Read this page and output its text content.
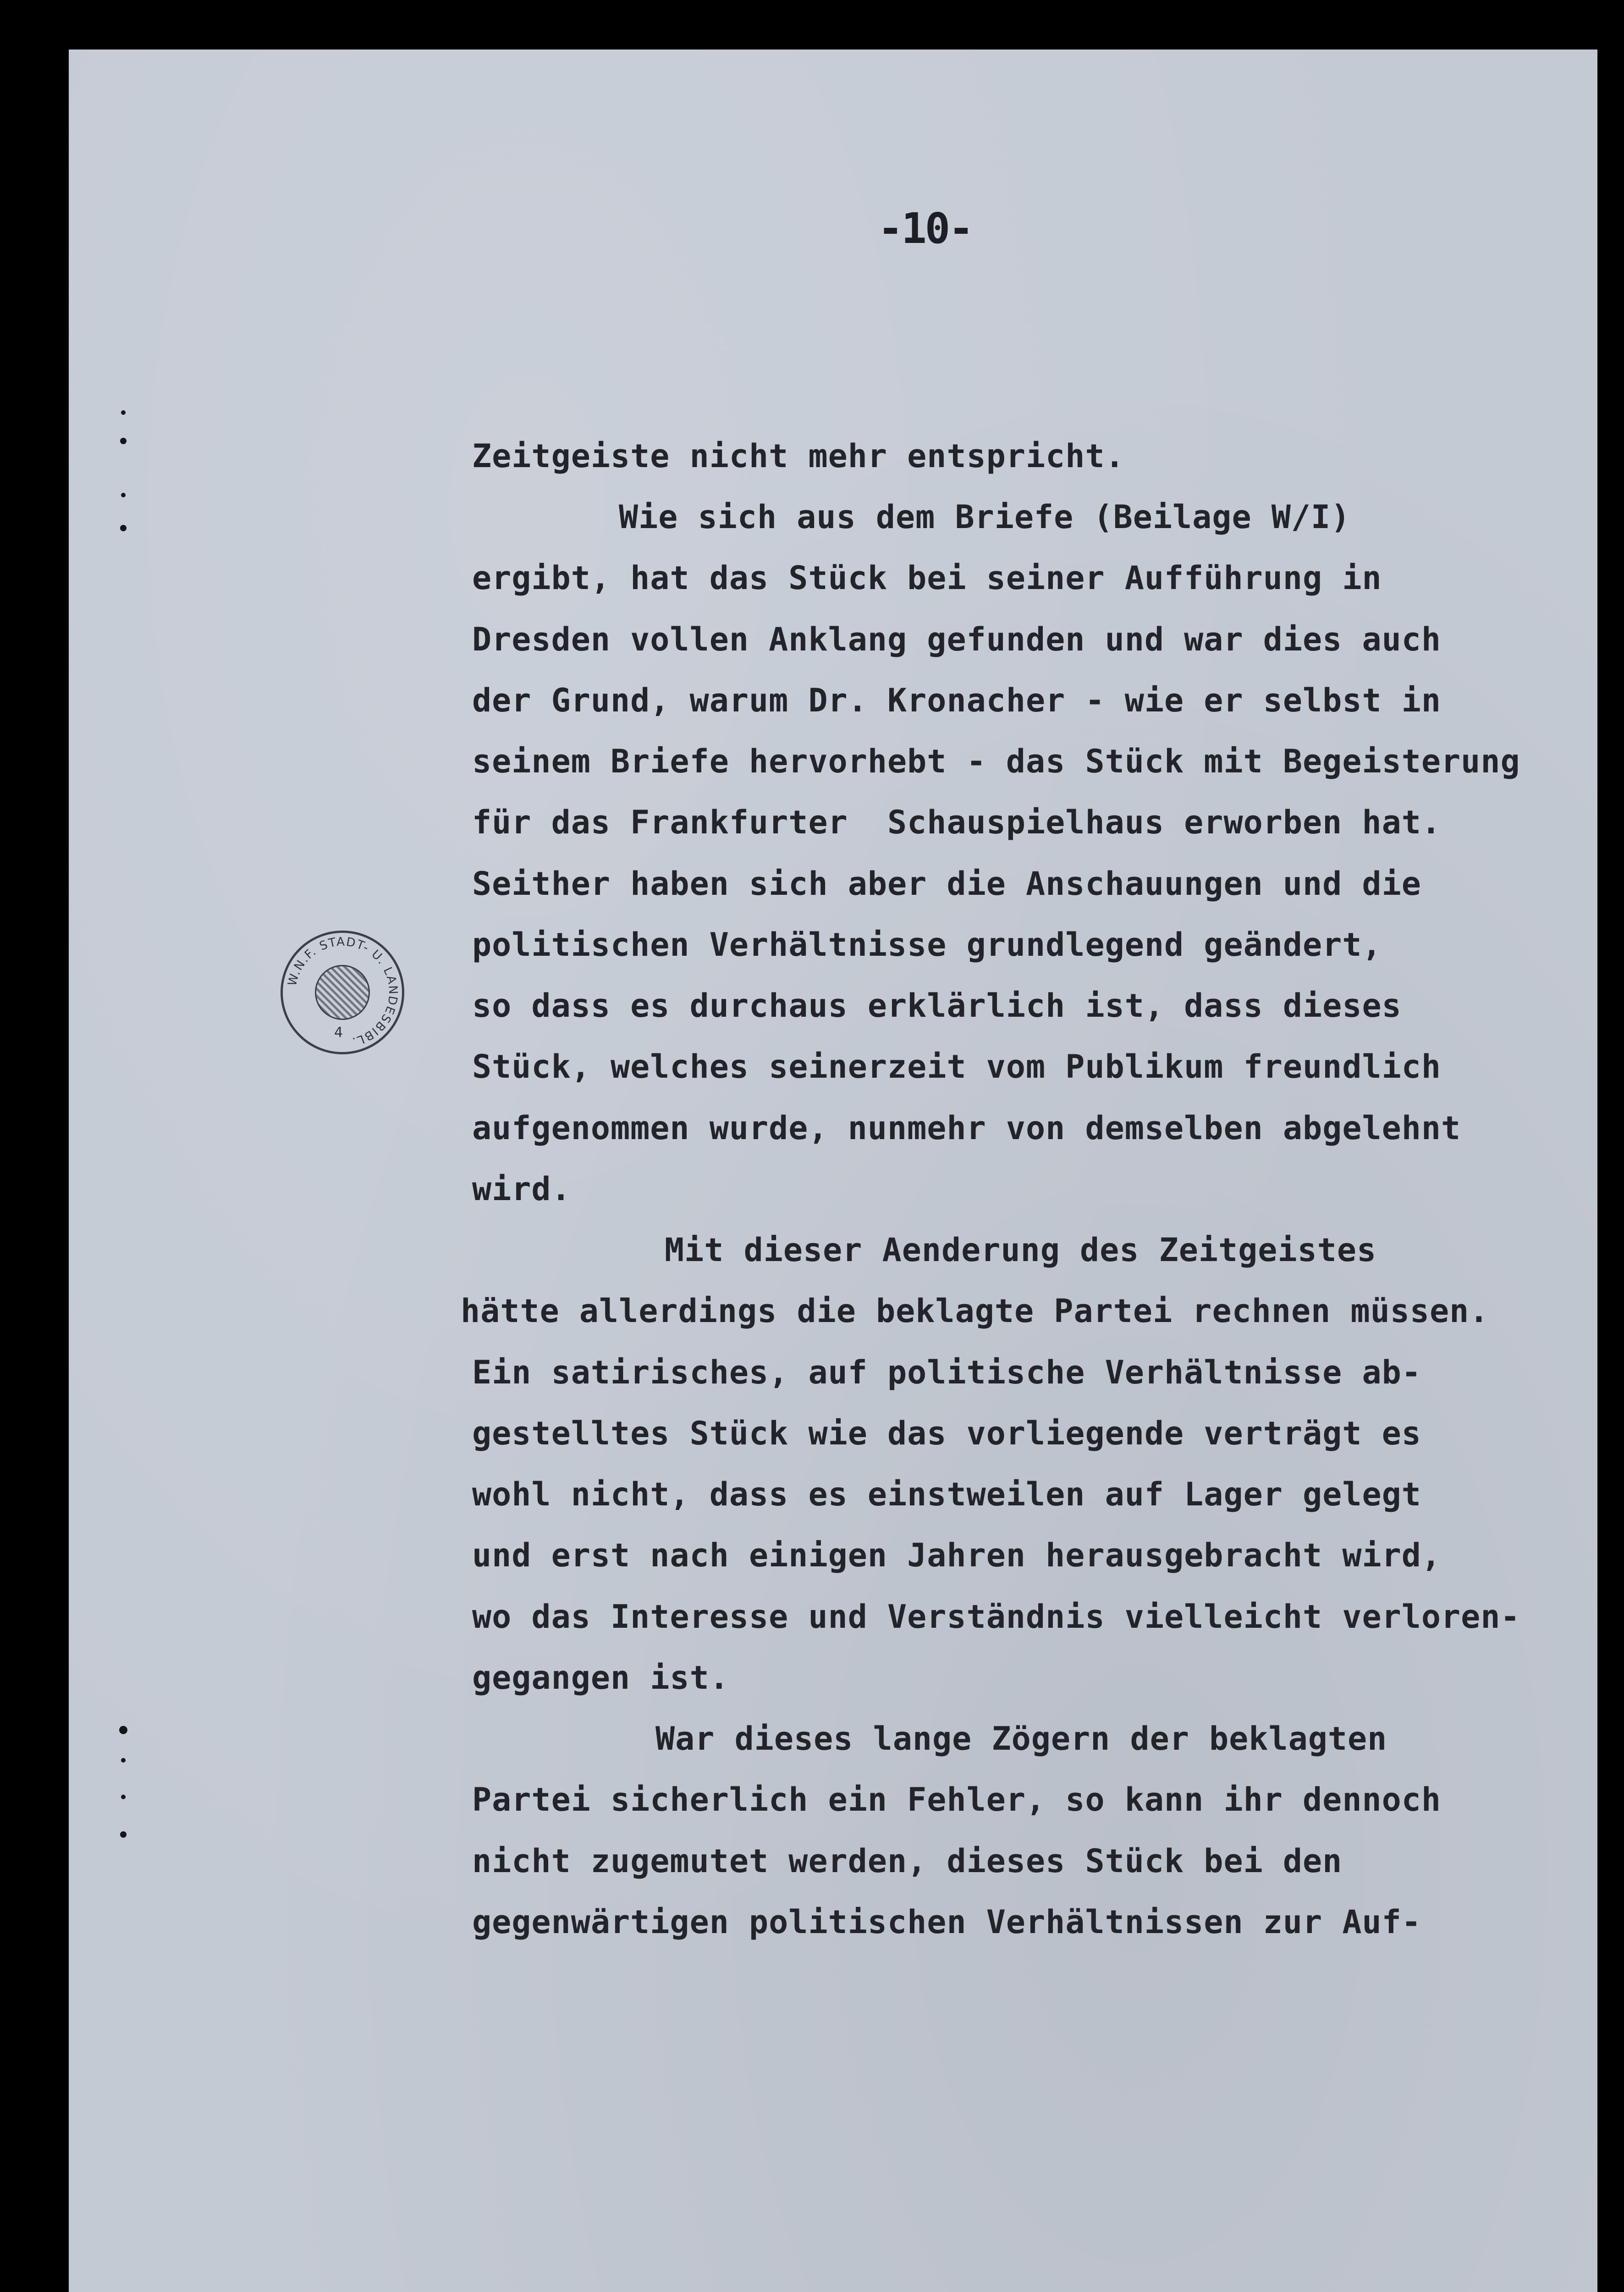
-10-
W.N.F. STADT- U. LANDESBIBL.
4
Zeitgeiste nicht mehr entspricht.
Wie sich aus dem Briefe (Beilage W/I)
ergibt, hat das Stück bei seiner Aufführung in
Dresden vollen Anklang gefunden und war dies auch
der Grund, warum Dr. Kronacher - wie er selbst in
seinem Briefe hervorhebt - das Stück mit Begeisterung
für das Frankfurter  Schauspielhaus erworben hat.
Seither haben sich aber die Anschauungen und die
politischen Verhältnisse grundlegend geändert,
so dass es durchaus erklärlich ist, dass dieses
Stück, welches seinerzeit vom Publikum freundlich
aufgenommen wurde, nunmehr von demselben abgelehnt
wird.
Mit dieser Aenderung des Zeitgeistes
hätte allerdings die beklagte Partei rechnen müssen.
Ein satirisches, auf politische Verhältnisse ab-
gestelltes Stück wie das vorliegende verträgt es
wohl nicht, dass es einstweilen auf Lager gelegt
und erst nach einigen Jahren herausgebracht wird,
wo das Interesse und Verständnis vielleicht verloren-
gegangen ist.
War dieses lange Zögern der beklagten
Partei sicherlich ein Fehler, so kann ihr dennoch
nicht zugemutet werden, dieses Stück bei den
gegenwärtigen politischen Verhältnissen zur Auf-
